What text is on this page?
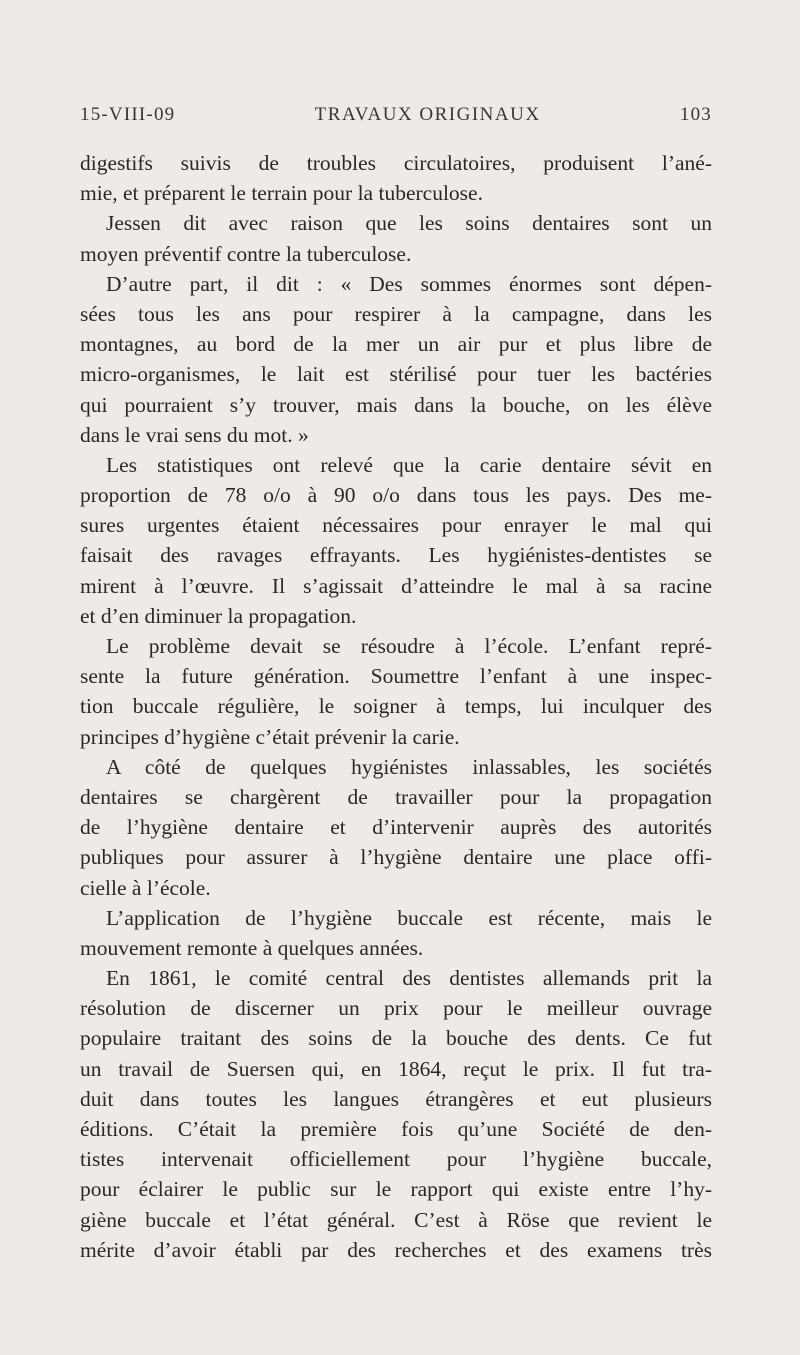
15-VIII-09	TRAVAUX ORIGINAUX	103
digestifs suivis de troubles circulatoires, produisent l’ané-
mie, et préparent le terrain pour la tuberculose.
Jessen dit avec raison que les soins dentaires sont un
moyen préventif contre la tuberculose.
D’autre part, il dit : « Des sommes énormes sont dépen-
sées tous les ans pour respirer à la campagne, dans les
montagnes, au bord de la mer un air pur et plus libre de
micro-organismes, le lait est stérilisé pour tuer les bactéries
qui pourraient s’y trouver, mais dans la bouche, on les élève
dans le vrai sens du mot. »
Les statistiques ont relevé que la carie dentaire sévit en
proportion de 78 o/o à 90 o/o dans tous les pays. Des me-
sures urgentes étaient nécessaires pour enrayer le mal qui
faisait des ravages effrayants. Les hygiénistes-dentistes se
mirent à l’œuvre. Il s’agissait d’atteindre le mal à sa racine
et d’en diminuer la propagation.
Le problème devait se résoudre à l’école. L’enfant repré-
sente la future génération. Soumettre l’enfant à une inspec-
tion buccale régulière, le soigner à temps, lui inculquer des
principes d’hygiène c’était prévenir la carie.
A côté de quelques hygiénistes inlassables, les sociétés
dentaires se chargèrent de travailler pour la propagation
de l’hygiène dentaire et d’intervenir auprès des autorités
publiques pour assurer à l’hygiène dentaire une place offi-
cielle à l’école.
L’application de l’hygiène buccale est récente, mais le
mouvement remonte à quelques années.
En 1861, le comité central des dentistes allemands prit la
résolution de discerner un prix pour le meilleur ouvrage
populaire traitant des soins de la bouche des dents. Ce fut
un travail de Suersen qui, en 1864, reçut le prix. Il fut tra-
duit dans toutes les langues étrangères et eut plusieurs
éditions. C’était la première fois qu’une Société de den-
tistes intervenait officiellement pour l’hygiène buccale,
pour éclairer le public sur le rapport qui existe entre l’hy-
giène buccale et l’état général. C’est à Röse que revient le
mérite d’avoir établi par des recherches et des examens très
